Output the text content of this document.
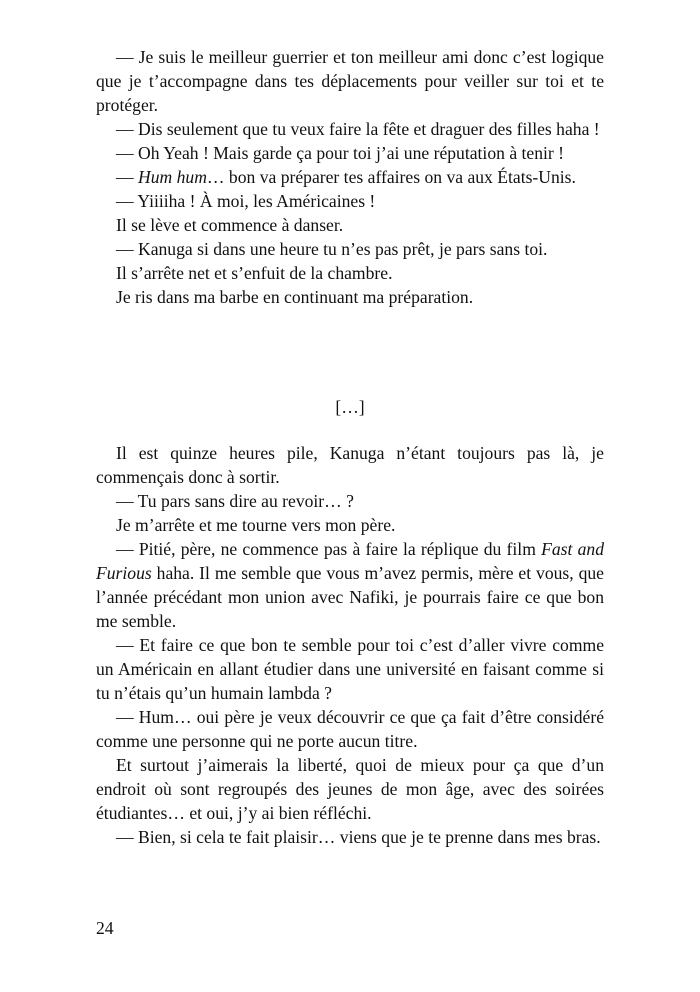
— Je suis le meilleur guerrier et ton meilleur ami donc c’est logique que je t’accompagne dans tes déplacements pour veiller sur toi et te protéger.

— Dis seulement que tu veux faire la fête et draguer des filles haha !

— Oh Yeah ! Mais garde ça pour toi j’ai une réputation à tenir !

— Hum hum… bon va préparer tes affaires on va aux États-Unis.

— Yiiiiha ! À moi, les Américaines !

Il se lève et commence à danser.

— Kanuga si dans une heure tu n’es pas prêt, je pars sans toi.

Il s’arrête net et s’enfuit de la chambre.

Je ris dans ma barbe en continuant ma préparation.

[…]

Il est quinze heures pile, Kanuga n’étant toujours pas là, je commençais donc à sortir.

— Tu pars sans dire au revoir… ?

Je m’arrête et me tourne vers mon père.

— Pitié, père, ne commence pas à faire la réplique du film Fast and Furious haha. Il me semble que vous m’avez permis, mère et vous, que l’année précédant mon union avec Nafiki, je pourrais faire ce que bon me semble.

— Et faire ce que bon te semble pour toi c’est d’aller vivre comme un Américain en allant étudier dans une université en faisant comme si tu n’étais qu’un humain lambda ?

— Hum… oui père je veux découvrir ce que ça fait d’être considéré comme une personne qui ne porte aucun titre.

Et surtout j’aimerais la liberté, quoi de mieux pour ça que d’un endroit où sont regroupés des jeunes de mon âge, avec des soirées étudiantes… et oui, j’y ai bien réfléchi.

— Bien, si cela te fait plaisir… viens que je te prenne dans mes bras.

24
